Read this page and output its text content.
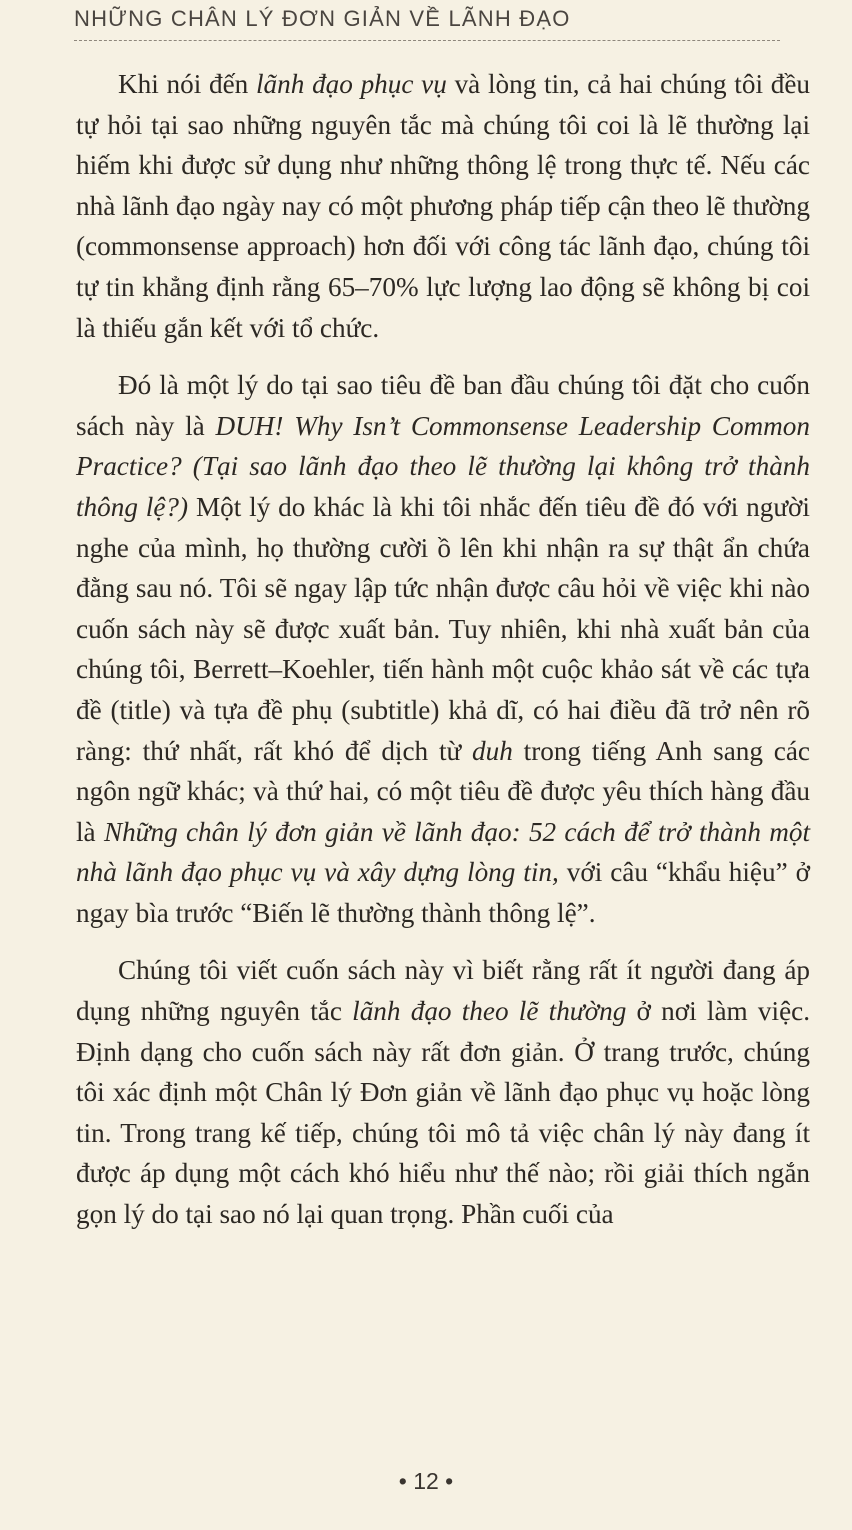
NHỮNG CHÂN LÝ ĐƠN GIẢN VỀ LÃNH ĐẠO

Khi nói đến lãnh đạo phục vụ và lòng tin, cả hai chúng tôi đều tự hỏi tại sao những nguyên tắc mà chúng tôi coi là lẽ thường lại hiếm khi được sử dụng như những thông lệ trong thực tế. Nếu các nhà lãnh đạo ngày nay có một phương pháp tiếp cận theo lẽ thường (commonsense approach) hơn đối với công tác lãnh đạo, chúng tôi tự tin khẳng định rằng 65–70% lực lượng lao động sẽ không bị coi là thiếu gắn kết với tổ chức.

Đó là một lý do tại sao tiêu đề ban đầu chúng tôi đặt cho cuốn sách này là DUH! Why Isn’t Commonsense Leadership Common Practice? (Tại sao lãnh đạo theo lẽ thường lại không trở thành thông lệ?) Một lý do khác là khi tôi nhắc đến tiêu đề đó với người nghe của mình, họ thường cười ồ lên khi nhận ra sự thật ẩn chứa đằng sau nó. Tôi sẽ ngay lập tức nhận được câu hỏi về việc khi nào cuốn sách này sẽ được xuất bản. Tuy nhiên, khi nhà xuất bản của chúng tôi, Berrett–Koehler, tiến hành một cuộc khảo sát về các tựa đề (title) và tựa đề phụ (subtitle) khả dĩ, có hai điều đã trở nên rõ ràng: thứ nhất, rất khó để dịch từ duh trong tiếng Anh sang các ngôn ngữ khác; và thứ hai, có một tiêu đề được yêu thích hàng đầu là Những chân lý đơn giản về lãnh đạo: 52 cách để trở thành một nhà lãnh đạo phục vụ và xây dựng lòng tin, với câu “khẩu hiệu” ở ngay bìa trước “Biến lẽ thường thành thông lệ”.

Chúng tôi viết cuốn sách này vì biết rằng rất ít người đang áp dụng những nguyên tắc lãnh đạo theo lẽ thường ở nơi làm việc. Định dạng cho cuốn sách này rất đơn giản. Ở trang trước, chúng tôi xác định một Chân lý Đơn giản về lãnh đạo phục vụ hoặc lòng tin. Trong trang kế tiếp, chúng tôi mô tả việc chân lý này đang ít được áp dụng một cách khó hiểu như thế nào; rồi giải thích ngắn gọn lý do tại sao nó lại quan trọng. Phần cuối của

• 12 •
